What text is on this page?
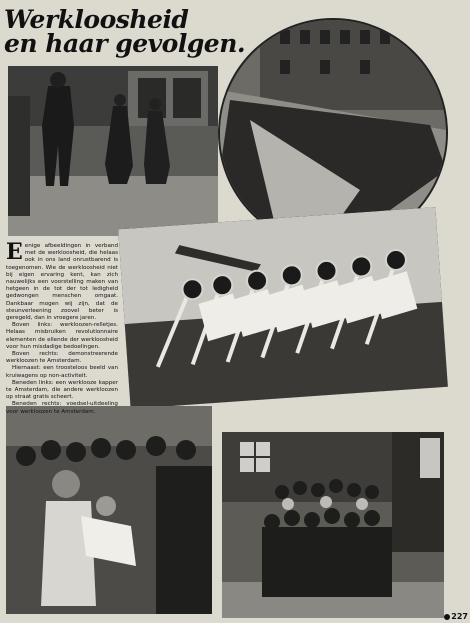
Werkloosheid
en haar gevolgen.

Eenige afbeeldingen in verband met de werkloosheid, die helaas ook in ons land onrustbarend is toegenomen. Wie de werkloosheid niet bij eigen ervaring kent, kan zich nauwelijks een voorstelling maken van hetgeen in de tot der tot ledigheid gedwongen menschen omgaat. Dankbaar mogen wij zijn, dat de steunverleening zoovel beter is geregeld, dan in vroegere jaren.

Boven links: werkloozen-relletjes. Helaas misbruiken revolutionnaire elementen de ellende der werkloosheid voor hun misdadige bedoelingen.
Boven rechts: demonstreerende werkloozen te Amsterdam.
Hiernaast: een troosteloos beeld van kruiwagens op non-activiteit.
Beneden links: een werklooze kapper te Amsterdam, die andere werkloozen op straat gratis scheert.
Beneden rechts: voedsel-uitdeeling voor werkloozen te Amsterdam.
227
